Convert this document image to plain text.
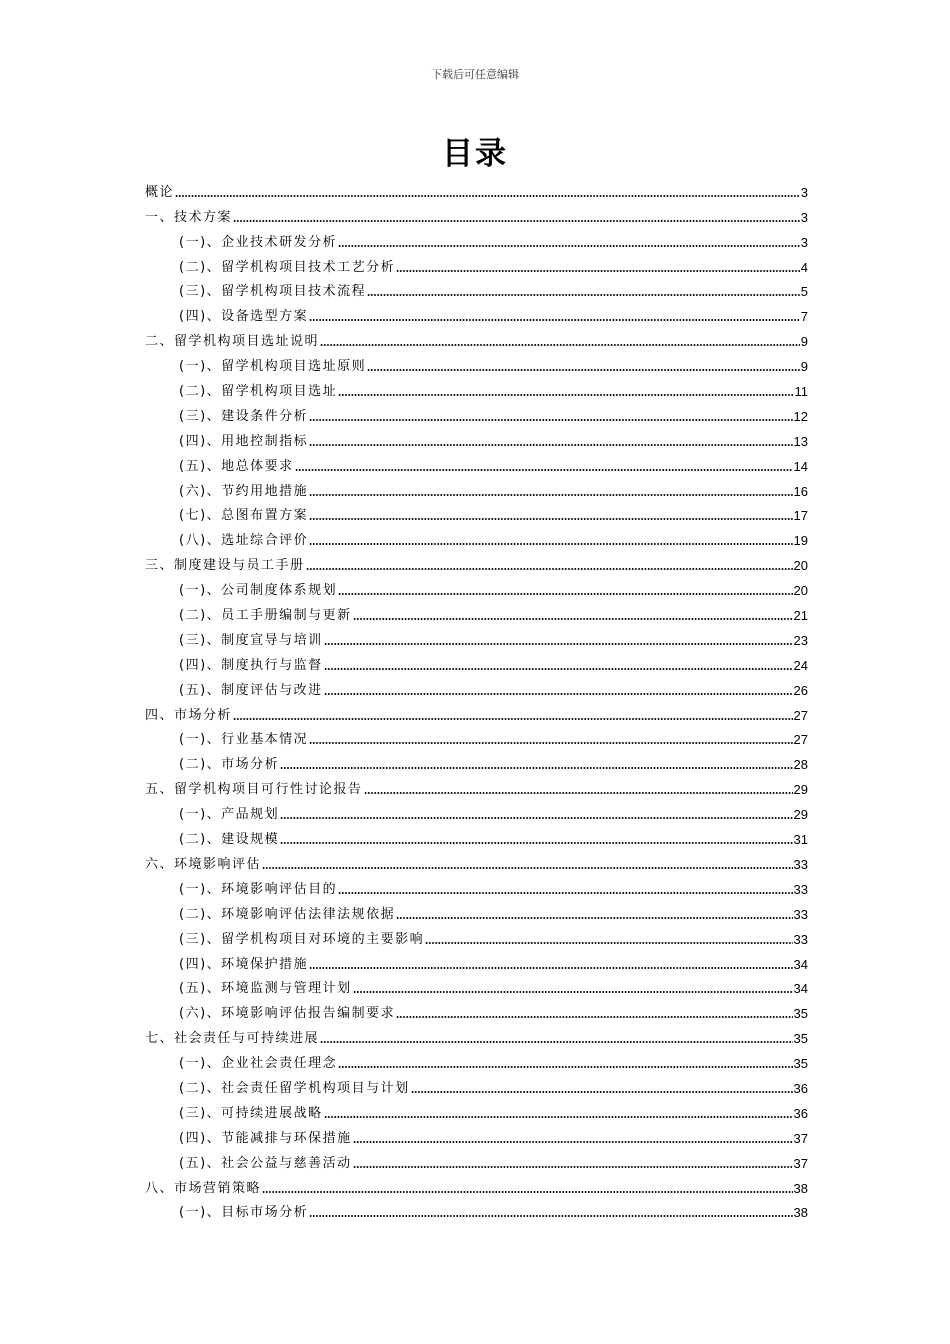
下载后可任意编辑
目录
概论	3
一、技术方案	3
(一)、企业技术研发分析	3
(二)、留学机构项目技术工艺分析	4
(三)、留学机构项目技术流程	5
(四)、设备选型方案	7
二、留学机构项目选址说明	9
(一)、留学机构项目选址原则	9
(二)、留学机构项目选址	11
(三)、建设条件分析	12
(四)、用地控制指标	13
(五)、地总体要求	14
(六)、节约用地措施	16
(七)、总图布置方案	17
(八)、选址综合评价	19
三、制度建设与员工手册	20
(一)、公司制度体系规划	20
(二)、员工手册编制与更新	21
(三)、制度宣导与培训	23
(四)、制度执行与监督	24
(五)、制度评估与改进	26
四、市场分析	27
(一)、行业基本情况	27
(二)、市场分析	28
五、留学机构项目可行性讨论报告	29
(一)、产品规划	29
(二)、建设规模	31
六、环境影响评估	33
(一)、环境影响评估目的	33
(二)、环境影响评估法律法规依据	33
(三)、留学机构项目对环境的主要影响	33
(四)、环境保护措施	34
(五)、环境监测与管理计划	34
(六)、环境影响评估报告编制要求	35
七、社会责任与可持续进展	35
(一)、企业社会责任理念	35
(二)、社会责任留学机构项目与计划	36
(三)、可持续进展战略	36
(四)、节能减排与环保措施	37
(五)、社会公益与慈善活动	37
八、市场营销策略	38
(一)、目标市场分析	38
